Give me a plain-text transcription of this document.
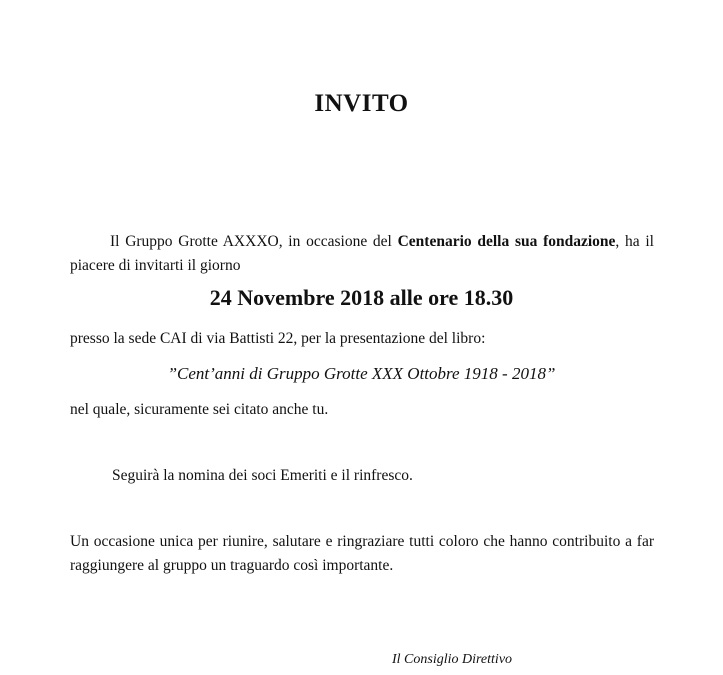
INVITO

Il Gruppo Grotte AXXXO, in occasione del Centenario della sua fondazione, ha il piacere di invitarti il giorno

24 Novembre 2018 alle ore 18.30

presso la sede CAI di via Battisti 22, per la presentazione del libro:

”Cent’anni di Gruppo Grotte XXX Ottobre 1918 - 2018”

nel quale, sicuramente sei citato anche tu.

Seguirà la nomina dei soci Emeriti e il rinfresco.

Un occasione unica per riunire, salutare e ringraziare tutti coloro che hanno contribuito a far raggiungere al gruppo un traguardo così importante.

Il Consiglio Direttivo
